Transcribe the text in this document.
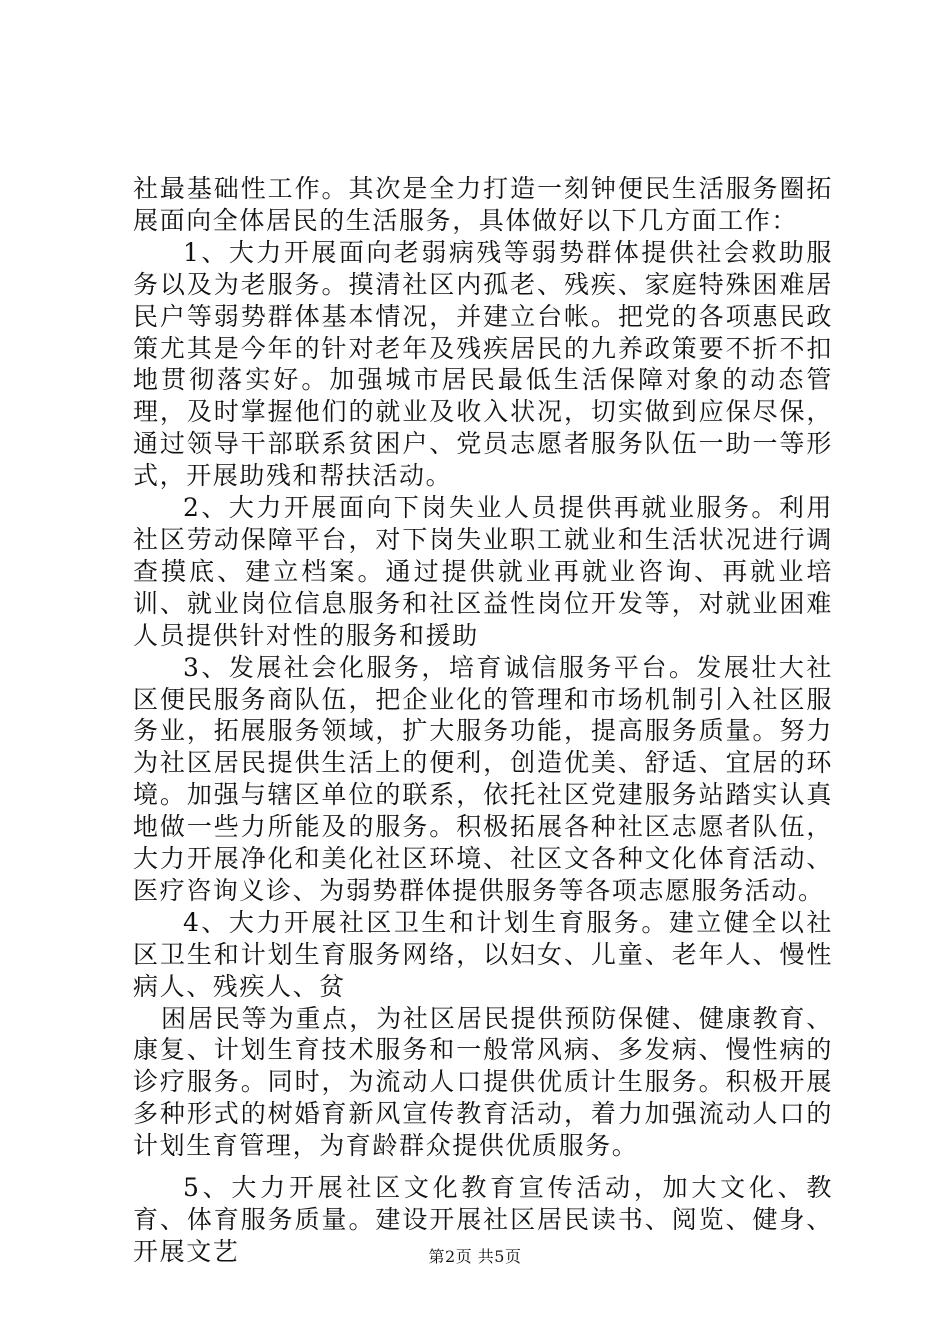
社最基础性工作。其次是全力打造一刻钟便民生活服务圈拓展面向全体居民的生活服务，具体做好以下几方面工作：

1、大力开展面向老弱病残等弱势群体提供社会救助服务以及为老服务。摸清社区内孤老、残疾、家庭特殊困难居民户等弱势群体基本情况，并建立台帐。把党的各项惠民政策尤其是今年的针对老年及残疾居民的九养政策要不折不扣地贯彻落实好。加强城市居民最低生活保障对象的动态管理，及时掌握他们的就业及收入状况，切实做到应保尽保，通过领导干部联系贫困户、党员志愿者服务队伍一助一等形式，开展助残和帮扶活动。

2、大力开展面向下岗失业人员提供再就业服务。利用社区劳动保障平台，对下岗失业职工就业和生活状况进行调查摸底、建立档案。通过提供就业再就业咨询、再就业培训、就业岗位信息服务和社区益性岗位开发等，对就业困难人员提供针对性的服务和援助

3、发展社会化服务，培育诚信服务平台。发展壮大社区便民服务商队伍，把企业化的管理和市场机制引入社区服务业，拓展服务领域，扩大服务功能，提高服务质量。努力为社区居民提供生活上的便利，创造优美、舒适、宜居的环境。加强与辖区单位的联系，依托社区党建服务站踏实认真地做一些力所能及的服务。积极拓展各种社区志愿者队伍，大力开展净化和美化社区环境、社区文各种文化体育活动、医疗咨询义诊、为弱势群体提供服务等各项志愿服务活动。

4、大力开展社区卫生和计划生育服务。建立健全以社区卫生和计划生育服务网络，以妇女、儿童、老年人、慢性病人、残疾人、贫

困居民等为重点，为社区居民提供预防保健、健康教育、康复、计划生育技术服务和一般常风病、多发病、慢性病的诊疗服务。同时，为流动人口提供优质计生服务。积极开展多种形式的树婚育新风宣传教育活动，着力加强流动人口的计划生育管理，为育龄群众提供优质服务。

5、大力开展社区文化教育宣传活动，加大文化、教育、体育服务质量。建设开展社区居民读书、阅览、健身、开展文艺	第2页 共5页
